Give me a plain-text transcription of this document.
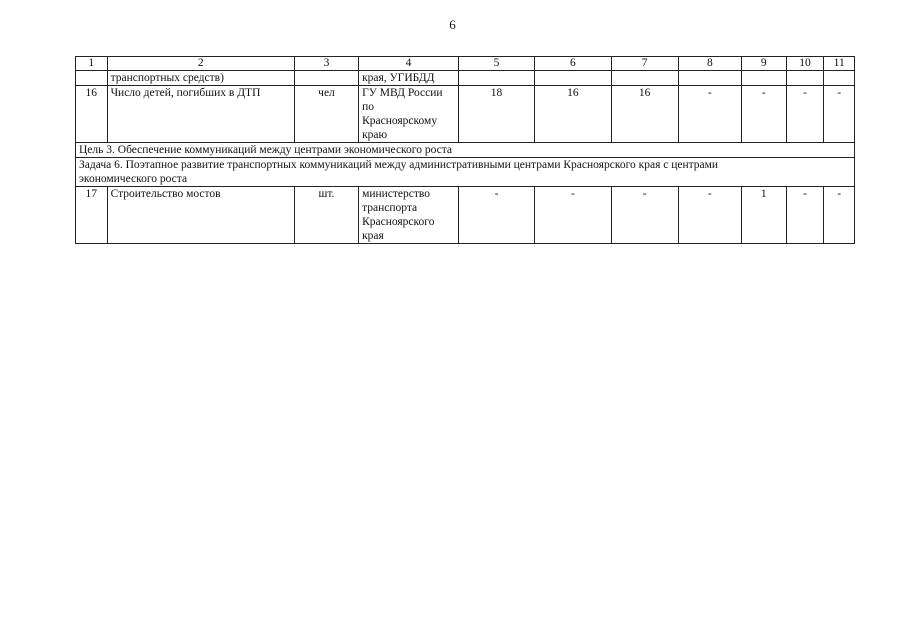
6
1	2	3	4	5	6	7	8	9	10	11
	транспортных средств)		края, УГИБДД							
16	Число детей, погибших в ДТП	чел	ГУ МВД России
по
Красноярскому
краю	18	16	16	-	-	-	-
Цель 3. Обеспечение коммуникаций между центрами экономического роста										

Задача 6. Поэтапное развитие транспортных коммуникаций между административными центрами Красноярского края с центрами
экономического роста										

17	Строительство мостов	шт.	министерство
транспорта
Красноярского
края	-	-	-	-	1	-	-
